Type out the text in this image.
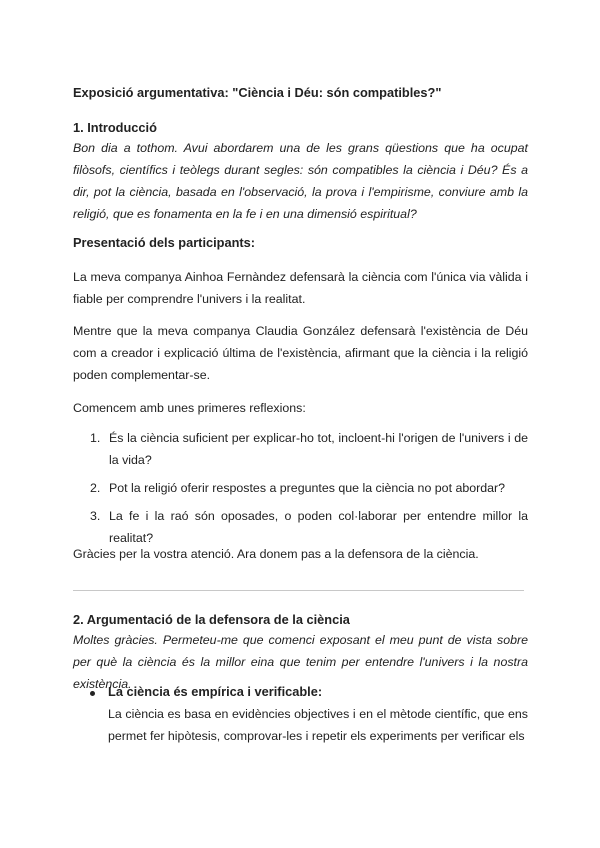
Exposició argumentativa: "Ciència i Déu: són compatibles?"

1. Introducció

Bon dia a tothom. Avui abordarem una de les grans qüestions que ha ocupat filòsofs, científics i teòlegs durant segles: són compatibles la ciència i Déu? És a dir, pot la ciència, basada en l'observació, la prova i l'empirisme, conviure amb la religió, que es fonamenta en la fe i en una dimensió espiritual?

Presentació dels participants:

La meva companya Ainhoa Fernàndez defensarà la ciència com l'única via vàlida i fiable per comprendre l'univers i la realitat.

Mentre que la meva companya Claudia González defensarà l'existència de Déu com a creador i explicació última de l'existència, afirmant que la ciència i la religió poden complementar-se.

Comencem amb unes primeres reflexions:

1. És la ciència suficient per explicar-ho tot, incloent-hi l'origen de l'univers i de la vida?
2. Pot la religió oferir respostes a preguntes que la ciència no pot abordar?
3. La fe i la raó són oposades, o poden col·laborar per entendre millor la realitat?

Gràcies per la vostra atenció. Ara donem pas a la defensora de la ciència.

2. Argumentació de la defensora de la ciència

Moltes gràcies. Permeteu-me que comenci exposant el meu punt de vista sobre per què la ciència és la millor eina que tenim per entendre l'univers i la nostra existència.

La ciència és empírica i verificable:
La ciència es basa en evidències objectives i en el mètode científic, que ens permet fer hipòtesis, comprovar-les i repetir els experiments per verificar els
